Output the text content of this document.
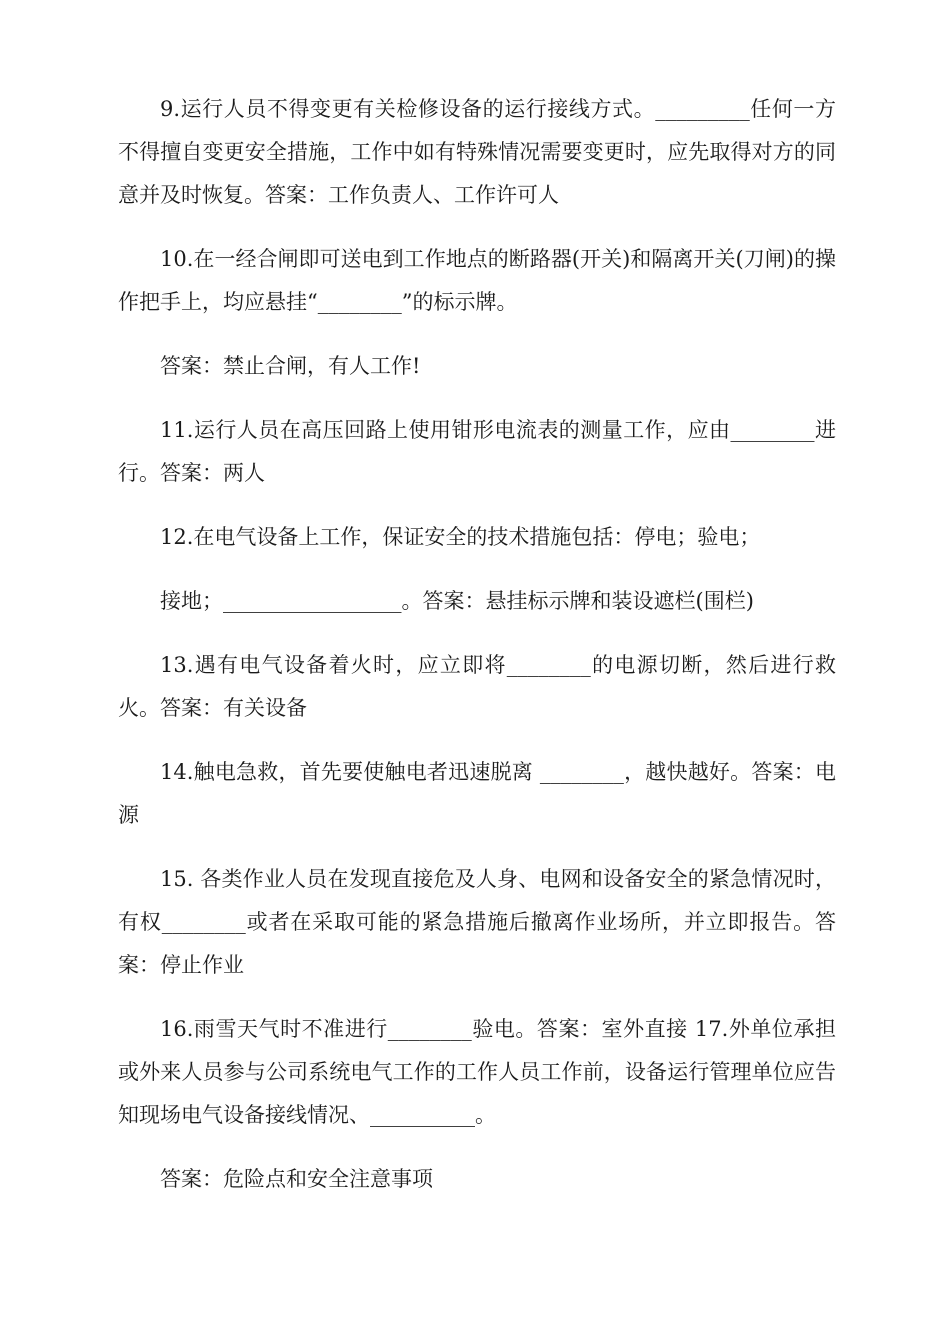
9.运行人员不得变更有关检修设备的运行接线方式。_________任何一方不得擅自变更安全措施，工作中如有特殊情况需要变更时，应先取得对方的同意并及时恢复。答案：工作负责人、工作许可人

10.在一经合闸即可送电到工作地点的断路器(开关)和隔离开关(刀闸)的操作把手上，均应悬挂“________”的标示牌。

答案：禁止合闸，有人工作!

11.运行人员在高压回路上使用钳形电流表的测量工作，应由________进行。答案：两人

12.在电气设备上工作，保证安全的技术措施包括：停电；验电；

接地；_________________。答案：悬挂标示牌和装设遮栏(围栏)

13.遇有电气设备着火时，应立即将________的电源切断，然后进行救火。答案：有关设备

14.触电急救，首先要使触电者迅速脱离 ________，越快越好。答案：电源

15. 各类作业人员在发现直接危及人身、电网和设备安全的紧急情况时，有权________或者在采取可能的紧急措施后撤离作业场所，并立即报告。答案：停止作业

16.雨雪天气时不准进行________验电。答案：室外直接 17.外单位承担或外来人员参与公司系统电气工作的工作人员工作前，设备运行管理单位应告知现场电气设备接线情况、__________。

答案：危险点和安全注意事项
